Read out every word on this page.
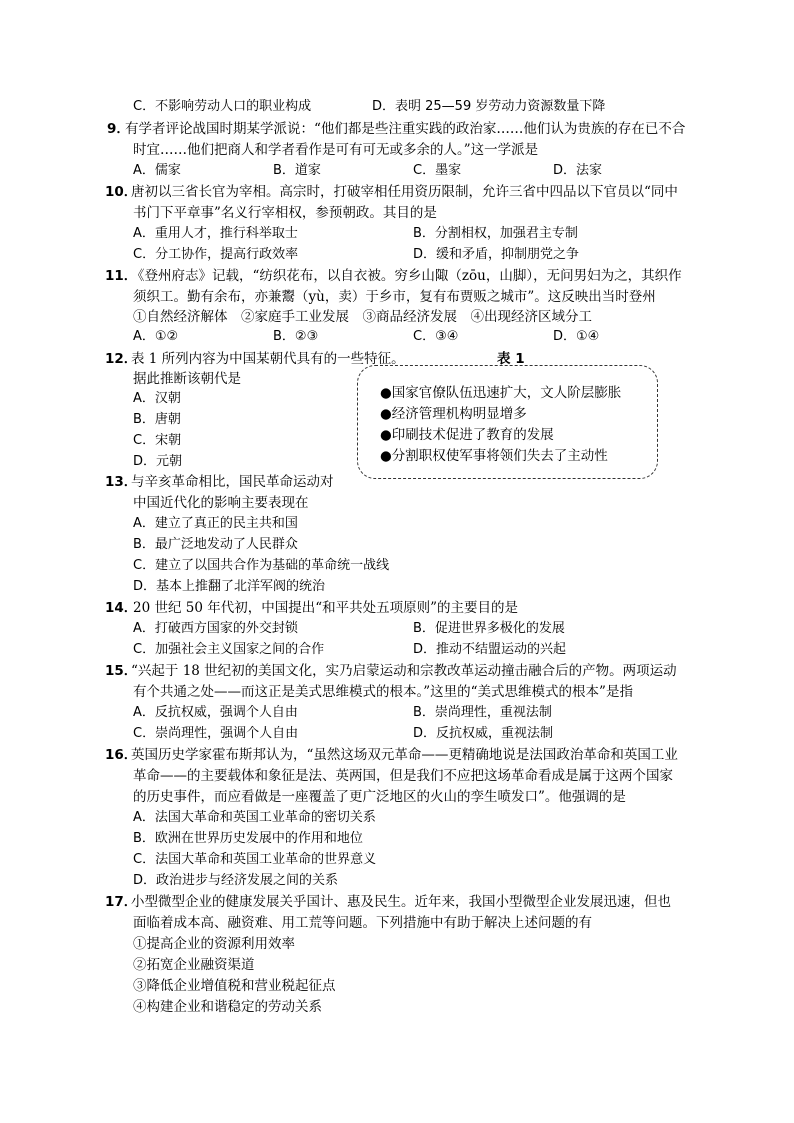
C．不影响劳动人口的职业构成	D．表明 25—59 岁劳动力资源数量下降
9．
有学者评论战国时期某学派说：“他们都是些注重实践的政治家……他们认为贵族的存在已不合
时宜……他们把商人和学者看作是可有可无或多余的人。”这一学派是
A．儒家	B．道家	C．墨家	D．法家
10．
唐初以三省长官为宰相。高宗时，打破宰相任用资历限制，允许三省中四品以下官员以“同中
书门下平章事”名义行宰相权，参预朝政。其目的是
A．重用人才，推行科举取士	B．分割相权，加强君主专制
C．分工协作，提高行政效率	D．缓和矛盾，抑制朋党之争
11．
《登州府志》记载，“纺织花布，以自衣被。穷乡山陬（zōu，山脚），无问男妇为之，其织作
须织工。勤有余布，亦兼鬻（yù，卖）于乡市，复有布贾贩之城市”。这反映出当时登州
①自然经济解体　②家庭手工业发展　③商品经济发展　④出现经济区域分工
A．①②	B．②③	C．③④	D．①④
12．
表 1 所列内容为中国某朝代具有的一些特征。	表 1
据此推断该朝代是
A．汉朝
B．唐朝
C．宋朝
D．元朝
●国家官僚队伍迅速扩大，文人阶层膨胀
●经济管理机构明显增多
●印刷技术促进了教育的发展
●分割职权使军事将领们失去了主动性
13．
与辛亥革命相比，国民革命运动对
中国近代化的影响主要表现在
A．建立了真正的民主共和国
B．最广泛地发动了人民群众
C．建立了以国共合作为基础的革命统一战线
D．基本上推翻了北洋军阀的统治
14．
20 世纪 50 年代初，中国提出“和平共处五项原则”的主要目的是
A．打破西方国家的外交封锁	B．促进世界多极化的发展
C．加强社会主义国家之间的合作	D．推动不结盟运动的兴起
15．
“兴起于 18 世纪初的美国文化，实乃启蒙运动和宗教改革运动撞击融合后的产物。两项运动
有个共通之处——而这正是美式思维模式的根本。”这里的“美式思维模式的根本”是指
A．反抗权威，强调个人自由	B．崇尚理性，重视法制
C．崇尚理性，强调个人自由	D．反抗权威，重视法制
16．
英国历史学家霍布斯邦认为，“虽然这场双元革命——更精确地说是法国政治革命和英国工业
革命——的主要载体和象征是法、英两国，但是我们不应把这场革命看成是属于这两个国家
的历史事件，而应看做是一座覆盖了更广泛地区的火山的孪生喷发口”。他强调的是
A．法国大革命和英国工业革命的密切关系
B．欧洲在世界历史发展中的作用和地位
C．法国大革命和英国工业革命的世界意义
D．政治进步与经济发展之间的关系
17．
小型微型企业的健康发展关乎国计、惠及民生。近年来，我国小型微型企业发展迅速，但也
面临着成本高、融资难、用工荒等问题。下列措施中有助于解决上述问题的有
①提高企业的资源利用效率
②拓宽企业融资渠道
③降低企业增值税和营业税起征点
④构建企业和谐稳定的劳动关系
